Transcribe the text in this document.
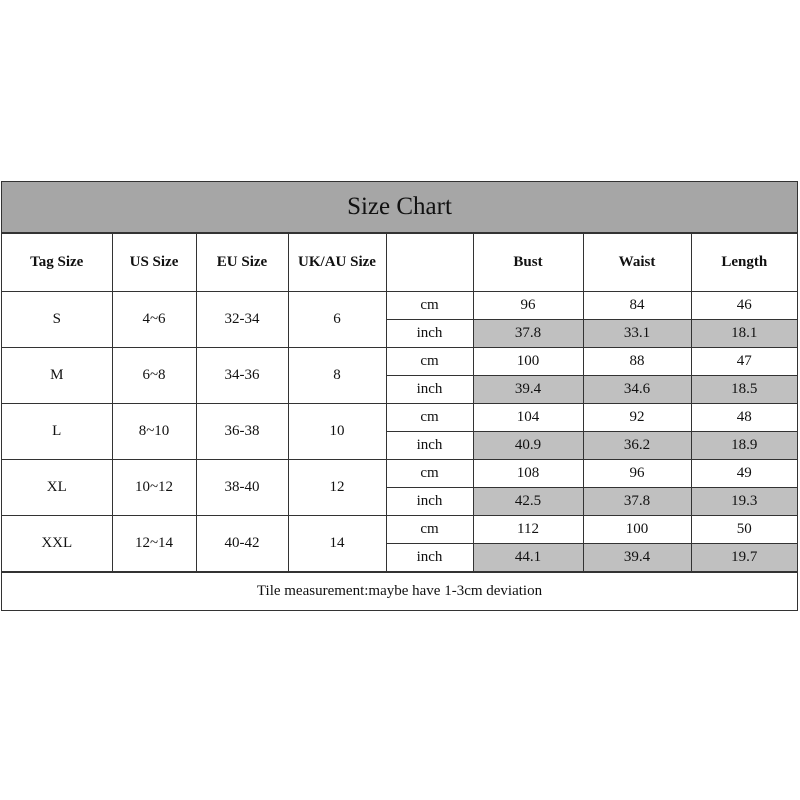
Size Chart
Tag Size	US Size	EU Size	UK/AU Size		Bust	Waist	Length
S	4~6	32-34	6	cm	96	84	46
				inch	37.8	33.1	18.1
M	6~8	34-36	8	cm	100	88	47
				inch	39.4	34.6	18.5
L	8~10	36-38	10	cm	104	92	48
				inch	40.9	36.2	18.9
XL	10~12	38-40	12	cm	108	96	49
				inch	42.5	37.8	19.3
XXL	12~14	40-42	14	cm	112	100	50
				inch	44.1	39.4	19.7
Tile measurement:maybe have 1-3cm deviation
